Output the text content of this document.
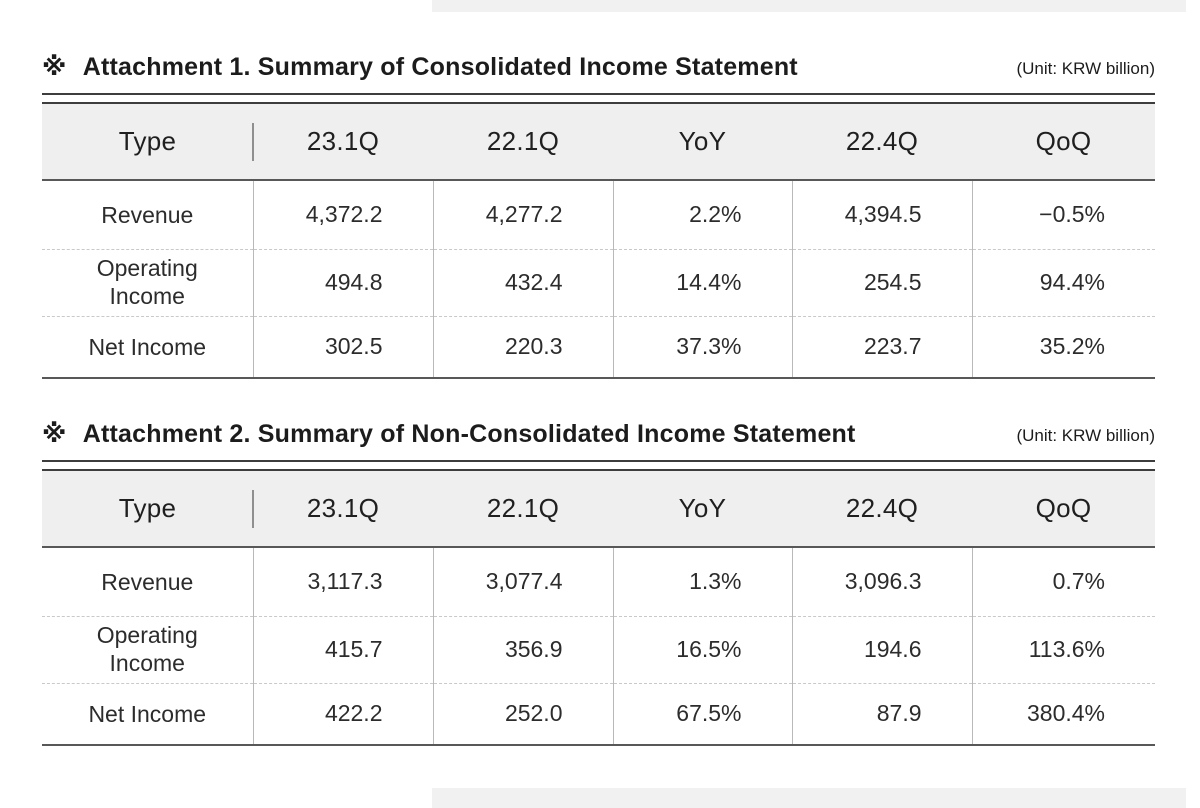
※ Attachment 1. Summary of Consolidated Income Statement	(Unit: KRW billion)
Type	23.1Q	22.1Q	YoY	22.4Q	QoQ
Revenue	4,372.2	4,277.2	2.2%	4,394.5	−0.5%
Operating Income	494.8	432.4	14.4%	254.5	94.4%
Net Income	302.5	220.3	37.3%	223.7	35.2%
※ Attachment 2. Summary of Non-Consolidated Income Statement	(Unit: KRW billion)
Type	23.1Q	22.1Q	YoY	22.4Q	QoQ
Revenue	3,117.3	3,077.4	1.3%	3,096.3	0.7%
Operating Income	415.7	356.9	16.5%	194.6	113.6%
Net Income	422.2	252.0	67.5%	87.9	380.4%
